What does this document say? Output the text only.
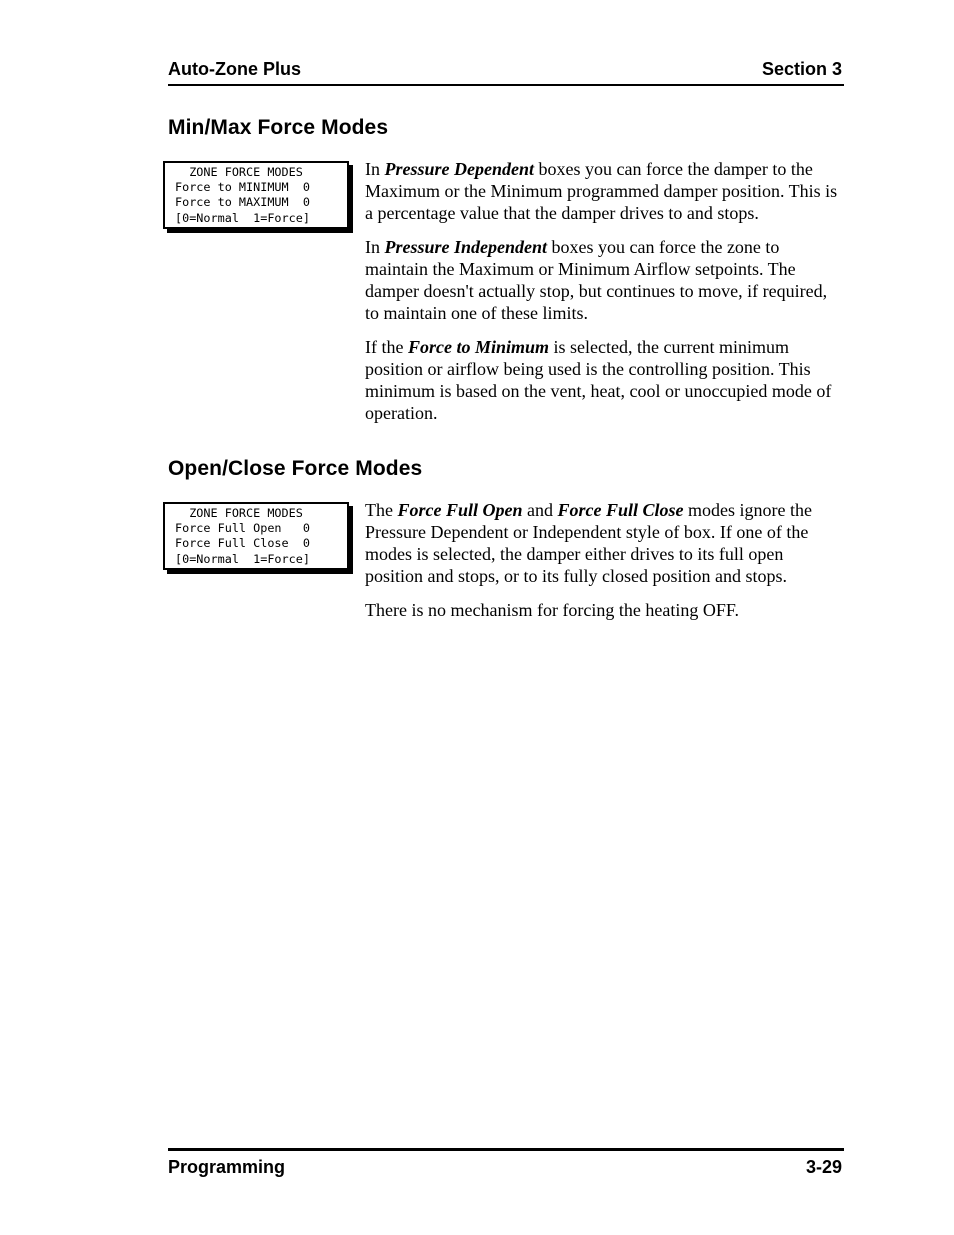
Auto-Zone Plus	Section 3
Min/Max Force Modes
ZONE FORCE MODES
Force to MINIMUM  0
Force to MAXIMUM  0
[0=Normal  1=Force]

In Pressure Dependent boxes you can force the damper to the Maximum or the Minimum programmed damper position. This is a percentage value that the damper drives to and stops.

In Pressure Independent boxes you can force the zone to maintain the Maximum or Minimum Airflow setpoints. The damper doesn't actually stop, but continues to move, if required, to maintain one of these limits.

If the Force to Minimum is selected, the current minimum position or airflow being used is the controlling position. This minimum is based on the vent, heat, cool or unoccupied mode of operation.

Open/Close Force Modes
ZONE FORCE MODES
Force Full Open   0
Force Full Close  0
[0=Normal  1=Force]

The Force Full Open and Force Full Close modes ignore the Pressure Dependent or Independent style of box. If one of the modes is selected, the damper either drives to its full open position and stops, or to its fully closed position and stops.

There is no mechanism for forcing the heating OFF.

Programming	3-29
